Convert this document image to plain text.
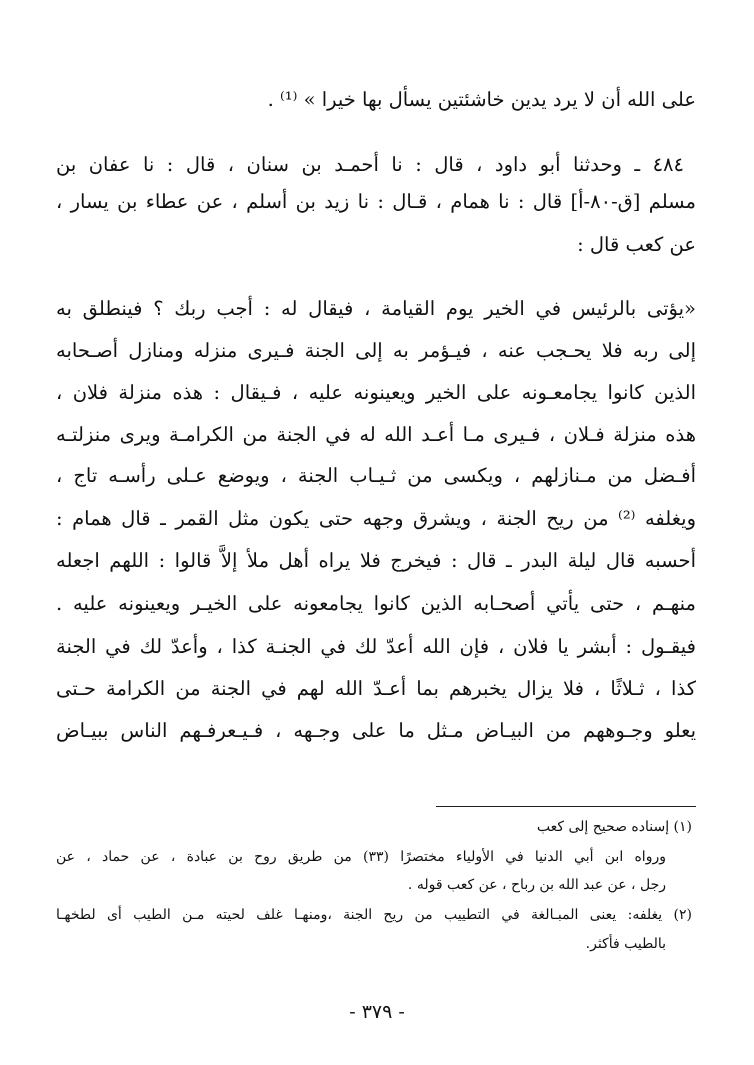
على الله أن لا يرد يدين خاشئتين يسأل بها خيرا » ⁽¹⁾ .
٤٨٤ ـ وحدثنا أبو داود ، قال : نا أحمـد بن سنان ، قال : نا عفان بن
مسلم [ق-٨٠-أ] قال : نا همام ، قـال : نا زيد بن أسلم ، عن عطاء بن يسار ،
عن كعب قال :
«يؤتى بالرئيس في الخير يوم القيامة ، فيقال له : أجب ربك ؟ فينطلق به
إلى ربه فلا يحـجب عنه ، فيـؤمر به إلى الجنة فـيرى منزله ومنازل أصـحابه
الذين كانوا يجامعـونه على الخير ويعينونه عليه ، فـيقال : هذه منزلة فلان ،
هذه منزلة فـلان ، فـيرى مـا أعـد الله له في الجنة من الكرامـة ويرى منزلتـه
أفـضل من مـنازلهم ، ويكسى من ثـيـاب الجنة ، ويوضع عـلى رأسـه تاج ،
ويغلفه ⁽²⁾ من ريح الجنة ، ويشرق وجهه حتى يكون مثل القمر ـ قال همام :
أحسبه قال ليلة البدر ـ قال : فيخرج فلا يراه أهل ملأ إلاَّ قالوا : اللهم اجعله
منهـم ، حتى يأتي أصحـابه الذين كانوا يجامعونه على الخيـر ويعينونه عليه .
فيقـول : أبشر يا فلان ، فإن الله أعدّ لك في الجنـة كذا ، وأعدّ لك في الجنة
كذا ، ثـلاثًا ، فلا يزال يخبرهم بما أعـدّ الله لهم في الجنة من الكرامة حـتى
يعلو وجـوههم من البيـاض مـثل ما على وجـهه ، فـيـعرفـهم الناس ببيـاض
(١) إسناده صحيح إلى كعب
ورواه ابن أبي الدنيا في الأولياء مختصرًا (٣٣) من طريق روح بن عبادة ، عن حماد ، عن
رجل ، عن عبد الله بن رباح ، عن كعب قوله .
(٢) يغلفه: يعنى المبـالغة في التطييب من ريح الجنة ،ومنهـا غلف لحيته مـن الطيب أى لطخهـا
بالطيب فأكثر.
- ٣٧٩ -
